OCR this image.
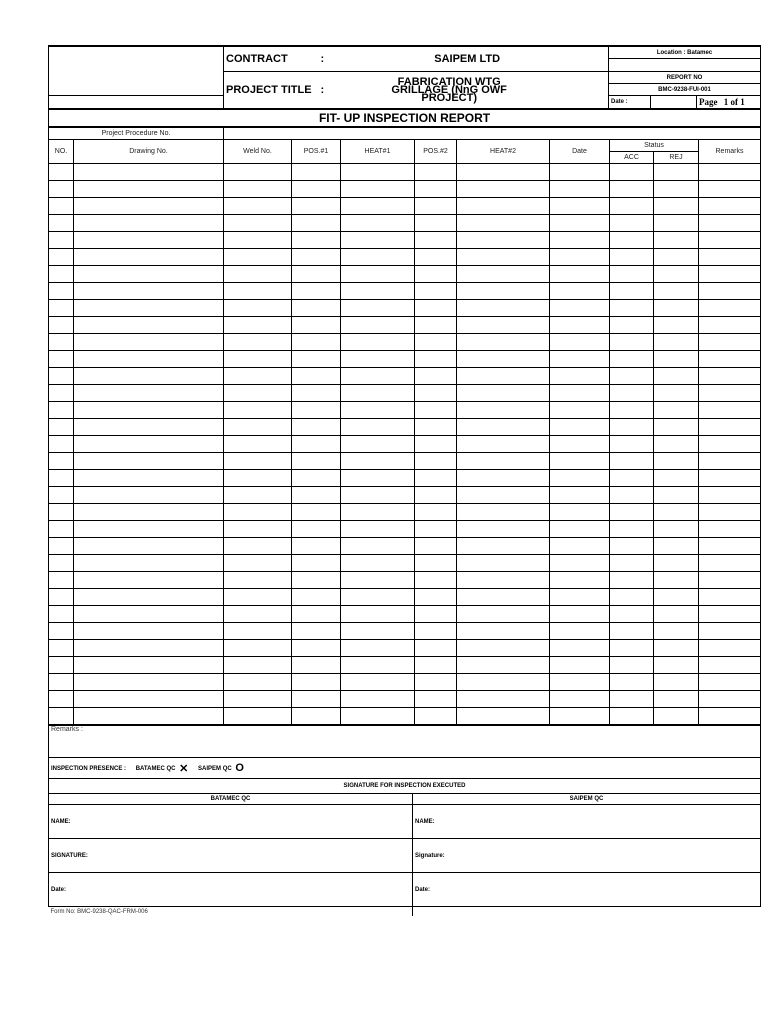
	CONTRACT	: SAIPEM LTD	Location : Batamec		

	PROJECT TITLE	:
FABRICATION WTG GRILLAGE (NnG OWF PROJECT)	REPORT NO		
			BMC-9238-FUI-001		
			Date :		Page 1 of 1
FIT- UP INSPECTION REPORT					
Project Procedure No.										
NO.	Drawing No.	Weld No.	POS.#1	HEAT#1	POS.#2	HEAT#2	Date	Status		Remarks
								ACC	REJ	

Remarks :	
INSPECTION PRESENCE : BATAMEC QC ✕ SAIPEM QC O	
SIGNATURE FOR INSPECTION EXECUTED	
BATAMEC QC	SAIPEM QC
NAME:	NAME:
SIGNATURE:	Signature:
Date:	Date:
Form No: BMC-9238-QAC-FRM-006	
